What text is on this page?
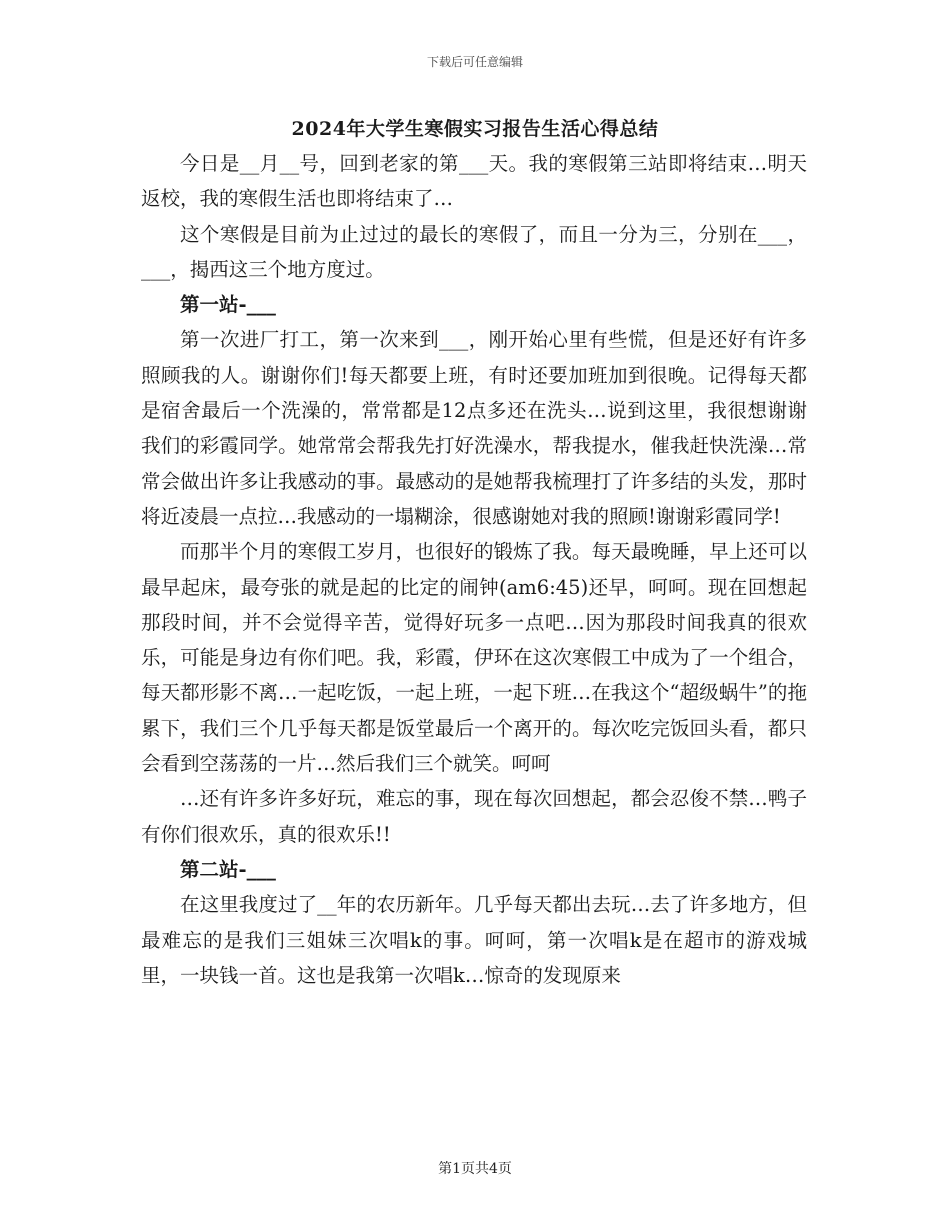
下载后可任意编辑
2024年大学生寒假实习报告生活心得总结

今日是__月__号，回到老家的第___天。我的寒假第三站即将结束…明天返校，我的寒假生活也即将结束了…

这个寒假是目前为止过过的最长的寒假了，而且一分为三，分别在___，___，揭西这三个地方度过。

第一站-___

第一次进厂打工，第一次来到___，刚开始心里有些慌，但是还好有许多照顾我的人。谢谢你们!每天都要上班，有时还要加班加到很晚。记得每天都是宿舍最后一个洗澡的，常常都是12点多还在洗头…说到这里，我很想谢谢我们的彩霞同学。她常常会帮我先打好洗澡水，帮我提水，催我赶快洗澡…常常会做出许多让我感动的事。最感动的是她帮我梳理打了许多结的头发，那时将近凌晨一点拉…我感动的一塌糊涂，很感谢她对我的照顾!谢谢彩霞同学!

而那半个月的寒假工岁月，也很好的锻炼了我。每天最晚睡，早上还可以最早起床，最夸张的就是起的比定的闹钟(am6:45)还早，呵呵。现在回想起那段时间，并不会觉得辛苦，觉得好玩多一点吧…因为那段时间我真的很欢乐，可能是身边有你们吧。我，彩霞，伊环在这次寒假工中成为了一个组合，每天都形影不离…一起吃饭，一起上班，一起下班…在我这个“超级蜗牛”的拖累下，我们三个几乎每天都是饭堂最后一个离开的。每次吃完饭回头看，都只会看到空荡荡的一片…然后我们三个就笑。呵呵

…还有许多许多好玩，难忘的事，现在每次回想起，都会忍俊不禁…鸭子有你们很欢乐，真的很欢乐!!

第二站-___

在这里我度过了__年的农历新年。几乎每天都出去玩…去了许多地方，但最难忘的是我们三姐妹三次唱k的事。呵呵，第一次唱k是在超市的游戏城里，一块钱一首。这也是我第一次唱k…惊奇的发现原来

第1页共4页
